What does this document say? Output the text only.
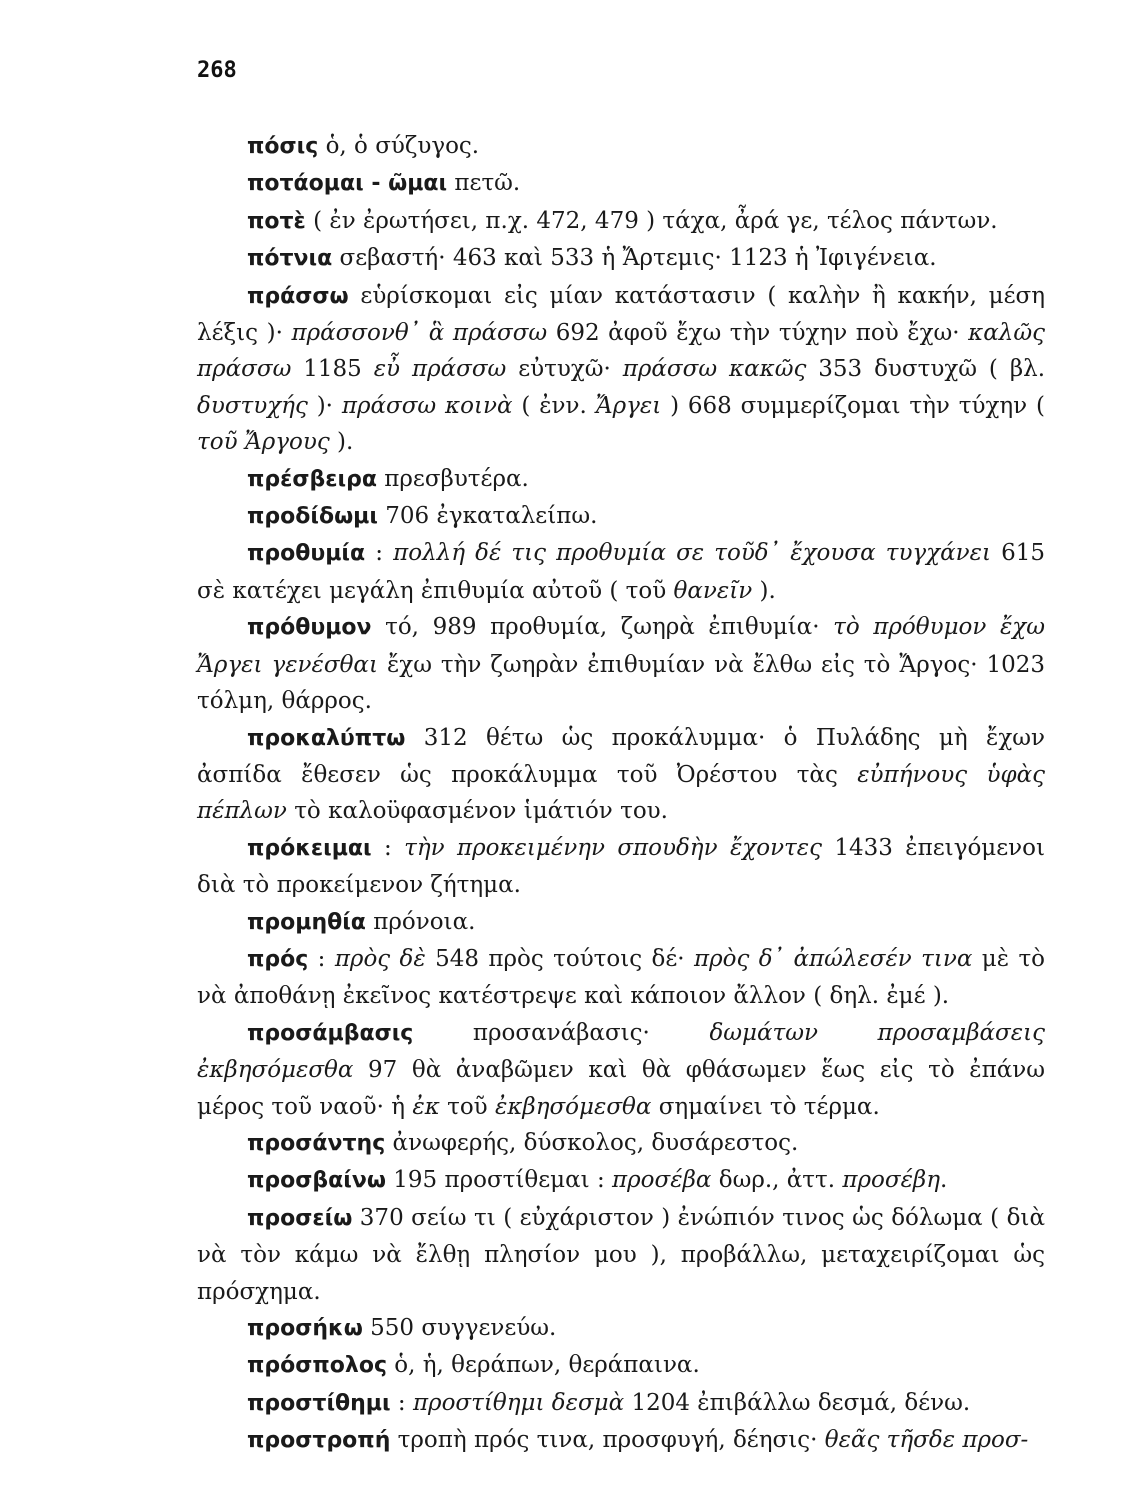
268

πόσις ὁ, ὁ σύζυγος.

ποτάομαι - ῶμαι πετῶ.

ποτὲ ( ἐν ἐρωτήσει, π.χ. 472, 479 ) τάχα, ἆρά γε, τέλος πάντων.

πότνια σεβαστή· 463 καὶ 533 ἡ Ἄρτεμις· 1123 ἡ Ἰφιγένεια.

πράσσω εὑρίσκομαι εἰς μίαν κατάστασιν ( καλὴν ἢ κακήν, μέση λέξις )· πράσσονθ᾽ ἃ πράσσω 692 ἀφοῦ ἔχω τὴν τύχην ποὺ ἔχω· καλῶς πράσσω 1185 εὖ πράσσω εὐτυχῶ· πράσσω κακῶς 353 δυστυχῶ ( βλ. δυστυχής )· πράσσω κοινὰ ( ἐνν. Ἄργει ) 668 συμμερίζομαι τὴν τύχην ( τοῦ Ἄργους ).

πρέσβειρα πρεσβυτέρα.

προδίδωμι 706 ἐγκαταλείπω.

προθυμία : πολλή δέ τις προθυμία σε τοῦδ᾽ ἔχουσα τυγχάνει 615 σὲ κατέχει μεγάλη ἐπιθυμία αὐτοῦ ( τοῦ θανεῖν ).

πρόθυμον τό, 989 προθυμία, ζωηρὰ ἐπιθυμία· τὸ πρόθυμον ἔχω Ἄργει γενέσθαι ἔχω τὴν ζωηρὰν ἐπιθυμίαν νὰ ἔλθω εἰς τὸ Ἄργος· 1023 τόλμη, θάρρος.

προκαλύπτω 312 θέτω ὡς προκάλυμμα· ὁ Πυλάδης μὴ ἔχων ἀσπίδα ἔθεσεν ὡς προκάλυμμα τοῦ Ὀρέστου τὰς εὐπήνους ὑφὰς πέπλων τὸ καλοϋφασμένον ἱμάτιόν του.

πρόκειμαι : τὴν προκειμένην σπουδὴν ἔχοντες 1433 ἐπειγόμενοι διὰ τὸ προκείμενον ζήτημα.

προμηθία πρόνοια.

πρός : πρὸς δὲ 548 πρὸς τούτοις δέ· πρὸς δ᾽ ἀπώλεσέν τινα μὲ τὸ νὰ ἀποθάνῃ ἐκεῖνος κατέστρεψε καὶ κάποιον ἄλλον ( δηλ. ἐμέ ).

προσάμβασις προσανάβασις· δωμάτων προσαμβάσεις ἐκβησόμεσθα 97 θὰ ἀναβῶμεν καὶ θὰ φθάσωμεν ἕως εἰς τὸ ἐπάνω μέρος τοῦ ναοῦ· ἡ ἐκ τοῦ ἐκβησόμεσθα σημαίνει τὸ τέρμα.

προσάντης ἀνωφερής, δύσκολος, δυσάρεστος.

προσβαίνω 195 προστίθεμαι : προσέβα δωρ., ἀττ. προσέβη.

προσείω 370 σείω τι ( εὐχάριστον ) ἐνώπιόν τινος ὡς δόλωμα ( διὰ νὰ τὸν κάμω νὰ ἔλθῃ πλησίον μου ), προβάλλω, μεταχειρίζομαι ὡς πρόσχημα.

προσήκω 550 συγγενεύω.

πρόσπολος ὁ, ἡ, θεράπων, θεράπαινα.

προστίθημι : προστίθημι δεσμὰ 1204 ἐπιβάλλω δεσμά, δένω.

προστροπή τροπὴ πρός τινα, προσφυγή, δέησις· θεᾶς τῆσδε προσ-
